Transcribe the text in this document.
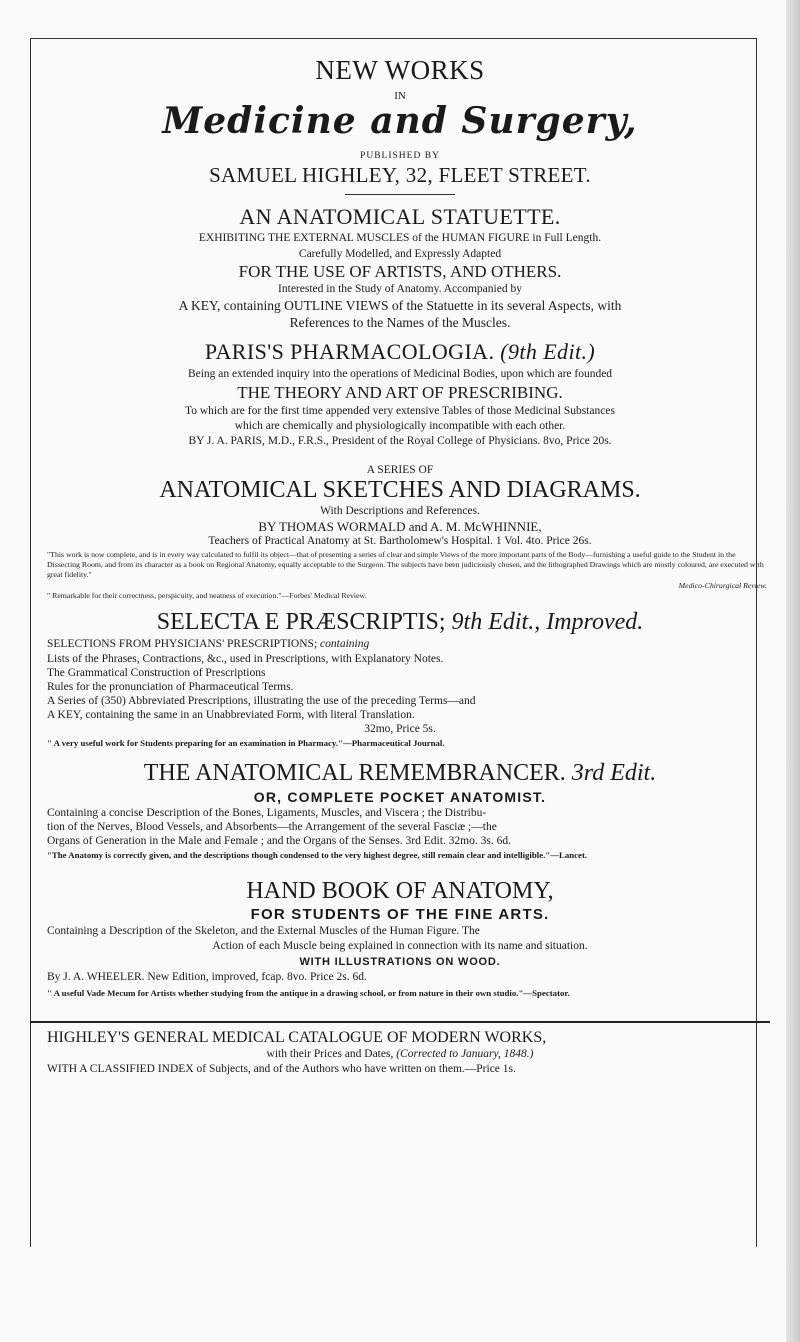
NEW WORKS
IN
Medicine and Surgery,
PUBLISHED BY
SAMUEL HIGHLEY, 32, FLEET STREET.
AN ANATOMICAL STATUETTE.
EXHIBITING THE EXTERNAL MUSCLES of the HUMAN FIGURE in Full Length.
Carefully Modelled, and Expressly Adapted
FOR THE USE OF ARTISTS, AND OTHERS.
Interested in the Study of Anatomy. Accompanied by
A KEY, containing OUTLINE VIEWS of the Statuette in its several Aspects, with
References to the Names of the Muscles.
PARIS'S PHARMACOLOGIA. (9th Edit.)
Being an extended inquiry into the operations of Medicinal Bodies, upon which are founded
THE THEORY AND ART OF PRESCRIBING.
To which are for the first time appended very extensive Tables of those Medicinal Substances
which are chemically and physiologically incompatible with each other.
BY J. A. PARIS, M.D., F.R.S., President of the Royal College of Physicians. 8vo, Price 20s.
A SERIES OF
ANATOMICAL SKETCHES AND DIAGRAMS.
With Descriptions and References.
BY THOMAS WORMALD and A. M. McWHINNIE,
Teachers of Practical Anatomy at St. Bartholomew's Hospital. 1 Vol. 4to. Price 26s.
"This work is now complete, and is in every way calculated to fulfil its object—that of presenting a series of clear and simple Views of the more important parts of the Body—furnishing a useful guide to the Student in the Dissecting Room, and from its character as a book on Regional Anatomy, equally acceptable to the Surgeon. The subjects have been judiciously chosen, and the lithographed Drawings which are mostly coloured, are executed with great fidelity."
Medico-Chirurgical Review.
" Remarkable for their correctness, perspicuity, and neatness of execution."—Forbes' Medical Review.
SELECTA E PRÆSCRIPTIS; 9th Edit., Improved.
SELECTIONS FROM PHYSICIANS' PRESCRIPTIONS; containing
Lists of the Phrases, Contractions, &c., used in Prescriptions, with Explanatory Notes.
The Grammatical Construction of Prescriptions
Rules for the pronunciation of Pharmaceutical Terms.
A Series of (350) Abbreviated Prescriptions, illustrating the use of the preceding Terms—and
A KEY, containing the same in an Unabbreviated Form, with literal Translation.
32mo, Price 5s.
" A very useful work for Students preparing for an examination in Pharmacy."—Pharmaceutical Journal.
THE ANATOMICAL REMEMBRANCER. 3rd Edit.
OR, COMPLETE POCKET ANATOMIST.
Containing a concise Description of the Bones, Ligaments, Muscles, and Viscera ; the Distribu-
tion of the Nerves, Blood Vessels, and Absorbents—the Arrangement of the several Fasciæ ;—the
Organs of Generation in the Male and Female ; and the Organs of the Senses. 3rd Edit. 32mo. 3s. 6d.
"The Anatomy is correctly given, and the descriptions though condensed to the very highest degree, still remain clear and intelligible."—Lancet.
HAND BOOK OF ANATOMY,
FOR STUDENTS OF THE FINE ARTS.
Containing a Description of the Skeleton, and the External Muscles of the Human Figure. The
Action of each Muscle being explained in connection with its name and situation.
WITH ILLUSTRATIONS ON WOOD.
By J. A. WHEELER. New Edition, improved, fcap. 8vo. Price 2s. 6d.
" A useful Vade Mecum for Artists whether studying from the antique in a drawing school, or from nature in their own studio."—Spectator.
HIGHLEY'S GENERAL MEDICAL CATALOGUE OF MODERN WORKS,
with their Prices and Dates, (Corrected to January, 1848.)
WITH A CLASSIFIED INDEX of Subjects, and of the Authors who have written on them.—Price 1s.
